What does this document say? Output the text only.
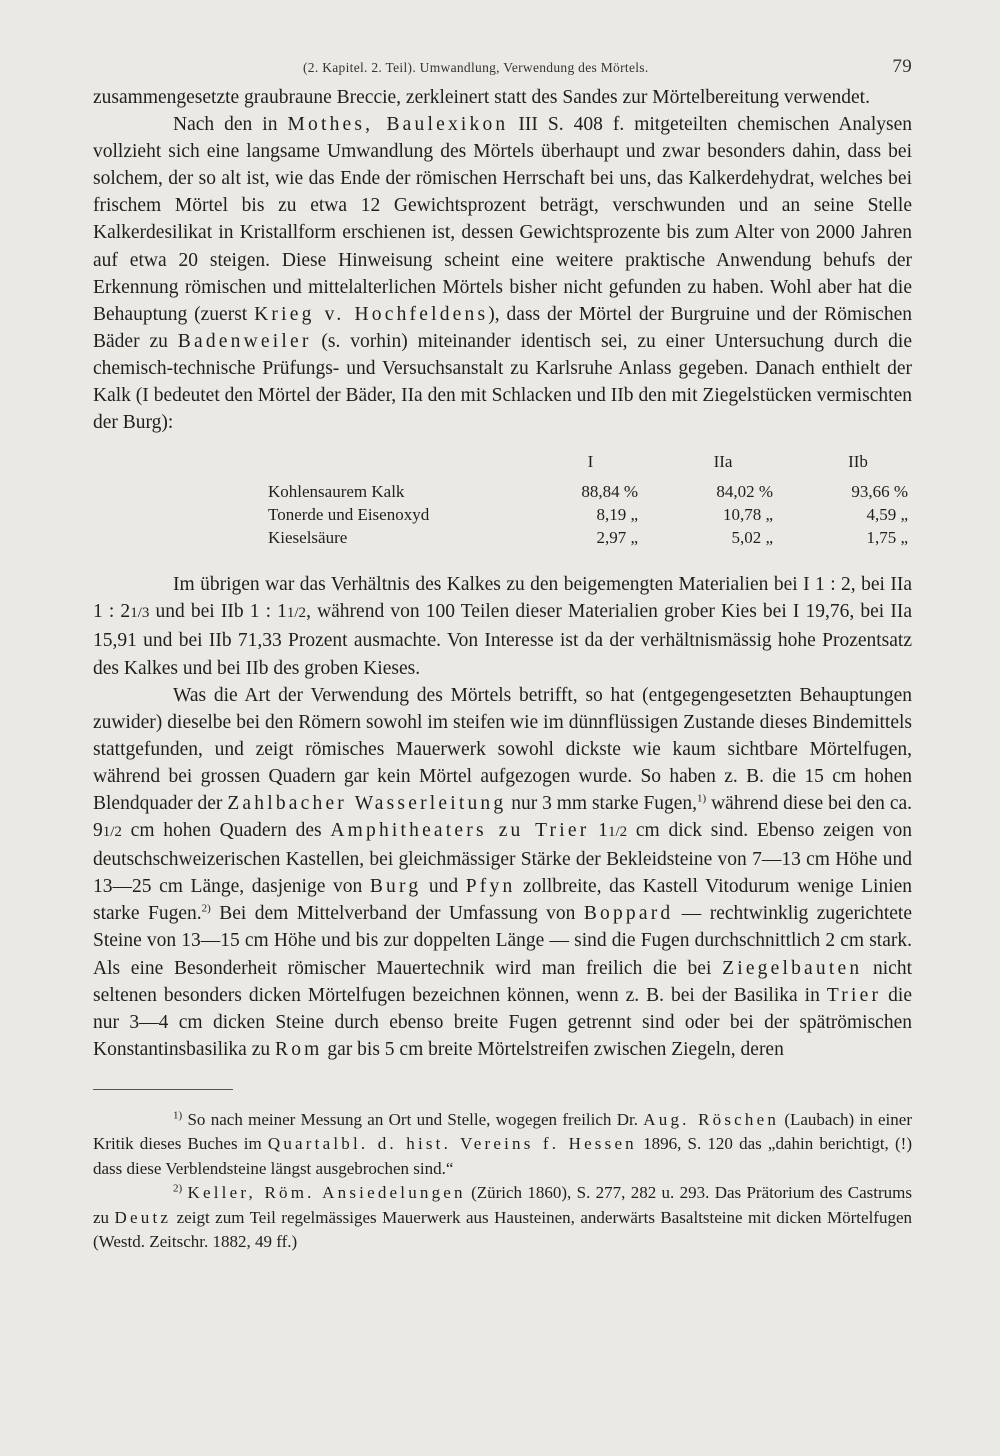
(2. Kapitel. 2. Teil). Umwandlung, Verwendung des Mörtels.	79

zusammengesetzte graubraune Breccie, zerkleinert statt des Sandes zur Mörtelbereitung verwendet.

Nach den in Mothes, Baulexikon III S. 408 f. mitgeteilten chemischen Analysen vollzieht sich eine langsame Umwandlung des Mörtels überhaupt und zwar besonders dahin, dass bei solchem, der so alt ist, wie das Ende der römischen Herrschaft bei uns, das Kalkerdehydrat, welches bei frischem Mörtel bis zu etwa 12 Gewichtsprozent beträgt, verschwunden und an seine Stelle Kalkerdesilikat in Kristallform erschienen ist, dessen Gewichtsprozente bis zum Alter von 2000 Jahren auf etwa 20 steigen. Diese Hinweisung scheint eine weitere praktische Anwendung behufs der Erkennung römischen und mittelalterlichen Mörtels bisher nicht gefunden zu haben. Wohl aber hat die Behauptung (zuerst Krieg v. Hochfeldens), dass der Mörtel der Burgruine und der Römischen Bäder zu Badenweiler (s. vorhin) miteinander identisch sei, zu einer Untersuchung durch die chemisch-technische Prüfungs- und Versuchsanstalt zu Karlsruhe Anlass gegeben. Danach enthielt der Kalk (I bedeutet den Mörtel der Bäder, IIa den mit Schlacken und IIb den mit Ziegelstücken vermischten der Burg):

	I	IIa	IIb
Kohlensaurem Kalk	88,84 %	84,02 %	93,66 %
Tonerde und Eisenoxyd	8,19 „	10,78 „	4,59 „
Kieselsäure	2,97 „	5,02 „	1,75 „

Im übrigen war das Verhältnis des Kalkes zu den beigemengten Materialien bei I 1 : 2, bei IIa 1 : 21/3 und bei IIb 1 : 11/2, während von 100 Teilen dieser Materialien grober Kies bei I 19,76, bei IIa 15,91 und bei IIb 71,33 Prozent ausmachte. Von Interesse ist da der verhältnismässig hohe Prozentsatz des Kalkes und bei IIb des groben Kieses.

Was die Art der Verwendung des Mörtels betrifft, so hat (entgegengesetzten Behauptungen zuwider) dieselbe bei den Römern sowohl im steifen wie im dünnflüssigen Zustande dieses Bindemittels stattgefunden, und zeigt römisches Mauerwerk sowohl dickste wie kaum sichtbare Mörtelfugen, während bei grossen Quadern gar kein Mörtel aufgezogen wurde. So haben z. B. die 15 cm hohen Blendquader der Zahlbacher Wasserleitung nur 3 mm starke Fugen,$^{1)}$ während diese bei den ca. 91/2 cm hohen Quadern des Amphitheaters zu Trier 11/2 cm dick sind. Ebenso zeigen von deutschschweizerischen Kastellen, bei gleichmässiger Stärke der Bekleidsteine von 7—13 cm Höhe und 13—25 cm Länge, dasjenige von Burg und Pfyn zollbreite, das Kastell Vitodurum wenige Linien starke Fugen.$^{2)}$ Bei dem Mittelverband der Umfassung von Boppard — rechtwinklig zugerichtete Steine von 13—15 cm Höhe und bis zur doppelten Länge — sind die Fugen durchschnittlich 2 cm stark. Als eine Besonderheit römischer Mauertechnik wird man freilich die bei Ziegelbauten nicht seltenen besonders dicken Mörtelfugen bezeichnen können, wenn z. B. bei der Basilika in Trier die nur 3—4 cm dicken Steine durch ebenso breite Fugen getrennt sind oder bei der spätrömischen Konstantinsbasilika zu Rom gar bis 5 cm breite Mörtelstreifen zwischen Ziegeln, deren

$^{1)}$ So nach meiner Messung an Ort und Stelle, wogegen freilich Dr. Aug. Röschen (Laubach) in einer Kritik dieses Buches im Quartalbl. d. hist. Vereins f. Hessen 1896, S. 120 das „dahin berichtigt, (!) dass diese Verblendsteine längst ausgebrochen sind.“

$^{2)}$ Keller, Röm. Ansiedelungen (Zürich 1860), S. 277, 282 u. 293. Das Prätorium des Castrums zu Deutz zeigt zum Teil regelmässiges Mauerwerk aus Hausteinen, anderwärts Basaltsteine mit dicken Mörtelfugen (Westd. Zeitschr. 1882, 49 ff.)
